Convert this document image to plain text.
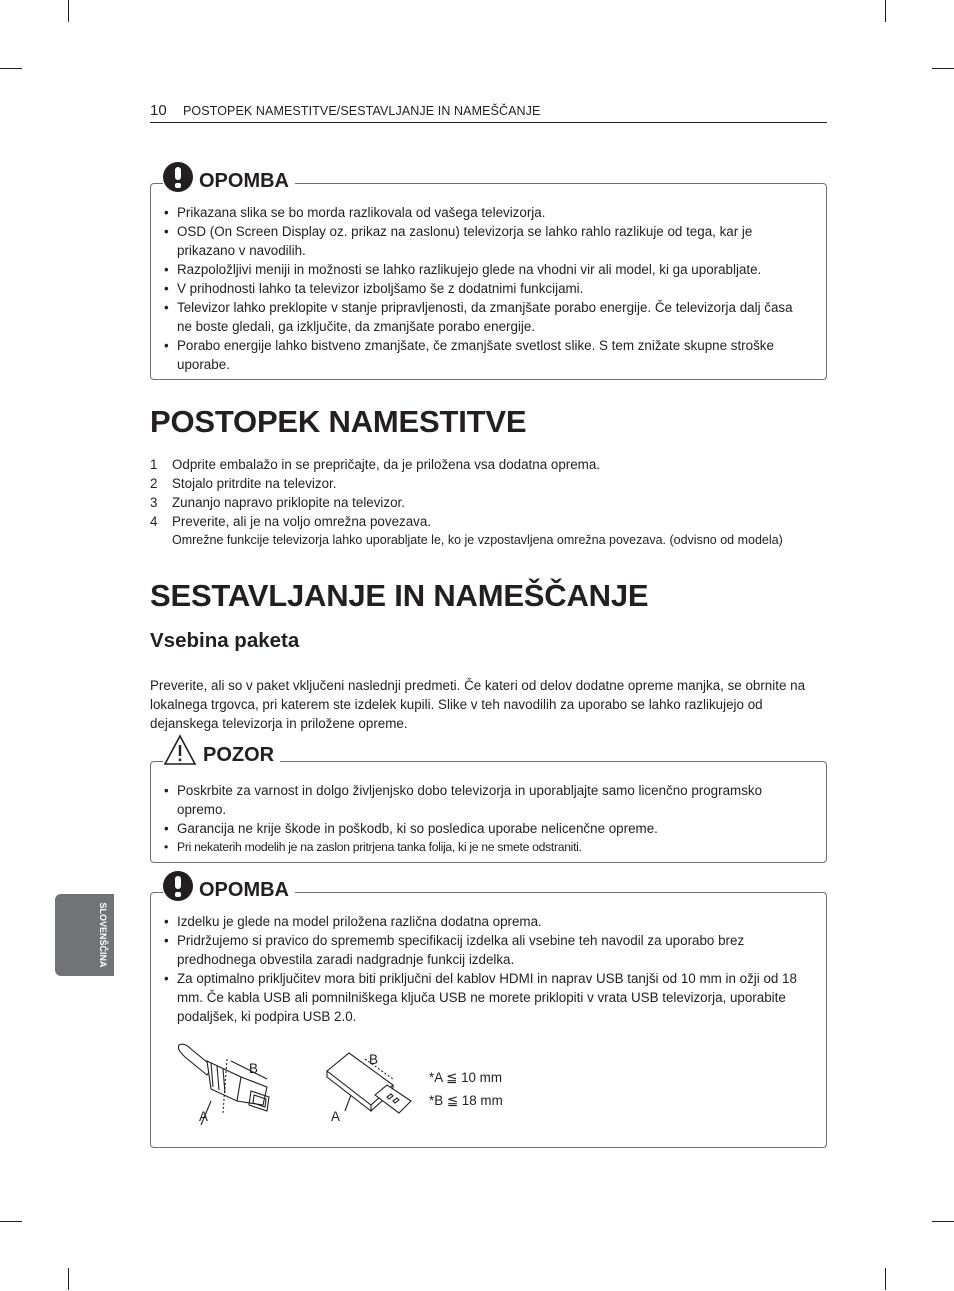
10 POSTOPEK NAMESTITVE/SESTAVLJANJE IN NAMEŠČANJE
OPOMBA
• Prikazana slika se bo morda razlikovala od vašega televizorja.
• OSD (On Screen Display oz. prikaz na zaslonu) televizorja se lahko rahlo razlikuje od tega, kar je prikazano v navodilih.
• Razpoložljivi meniji in možnosti se lahko razlikujejo glede na vhodni vir ali model, ki ga uporabljate.
• V prihodnosti lahko ta televizor izboljšamo še z dodatnimi funkcijami.
• Televizor lahko preklopite v stanje pripravljenosti, da zmanjšate porabo energije. Če televizorja dalj časa ne boste gledali, ga izključite, da zmanjšate porabo energije.
• Porabo energije lahko bistveno zmanjšate, če zmanjšate svetlost slike. S tem znižate skupne stroške uporabe.
POSTOPEK NAMESTITVE
1 Odprite embalažo in se prepričajte, da je priložena vsa dodatna oprema.
2 Stojalo pritrdite na televizor.
3 Zunanjo napravo priklopite na televizor.
4 Preverite, ali je na voljo omrežna povezava.
Omrežne funkcije televizorja lahko uporabljate le, ko je vzpostavljena omrežna povezava. (odvisno od modela)
SESTAVLJANJE IN NAMEŠČANJE
Vsebina paketa

Preverite, ali so v paket vključeni naslednji predmeti. Če kateri od delov dodatne opreme manjka, se obrnite na lokalnega trgovca, pri katerem ste izdelek kupili. Slike v teh navodilih za uporabo se lahko razlikujejo od dejanskega televizorja in priložene opreme.

POZOR
• Poskrbite za varnost in dolgo življenjsko dobo televizorja in uporabljajte samo licenčno programsko opremo.
• Garancija ne krije škode in poškodb, ki so posledica uporabe nelicenčne opreme.
• Pri nekaterih modelih je na zaslon pritrjena tanka folija, ki je ne smete odstraniti.
OPOMBA
• Izdelku je glede na model priložena različna dodatna oprema.
• Pridržujemo si pravico do sprememb specifikacij izdelka ali vsebine teh navodil za uporabo brez predhodnega obvestila zaradi nadgradnje funkcij izdelka.
• Za optimalno priključitev mora biti priključni del kablov HDMI in naprav USB tanjši od 10 mm in ožji od 18 mm. Če kabla USB ali pomnilniškega ključa USB ne morete priklopiti v vrata USB televizorja, uporabite podaljšek, ki podpira USB 2.0.
B
A
B
A
*A ≦ 10 mm
*B ≦ 18 mm
SLOVENŠČINA
